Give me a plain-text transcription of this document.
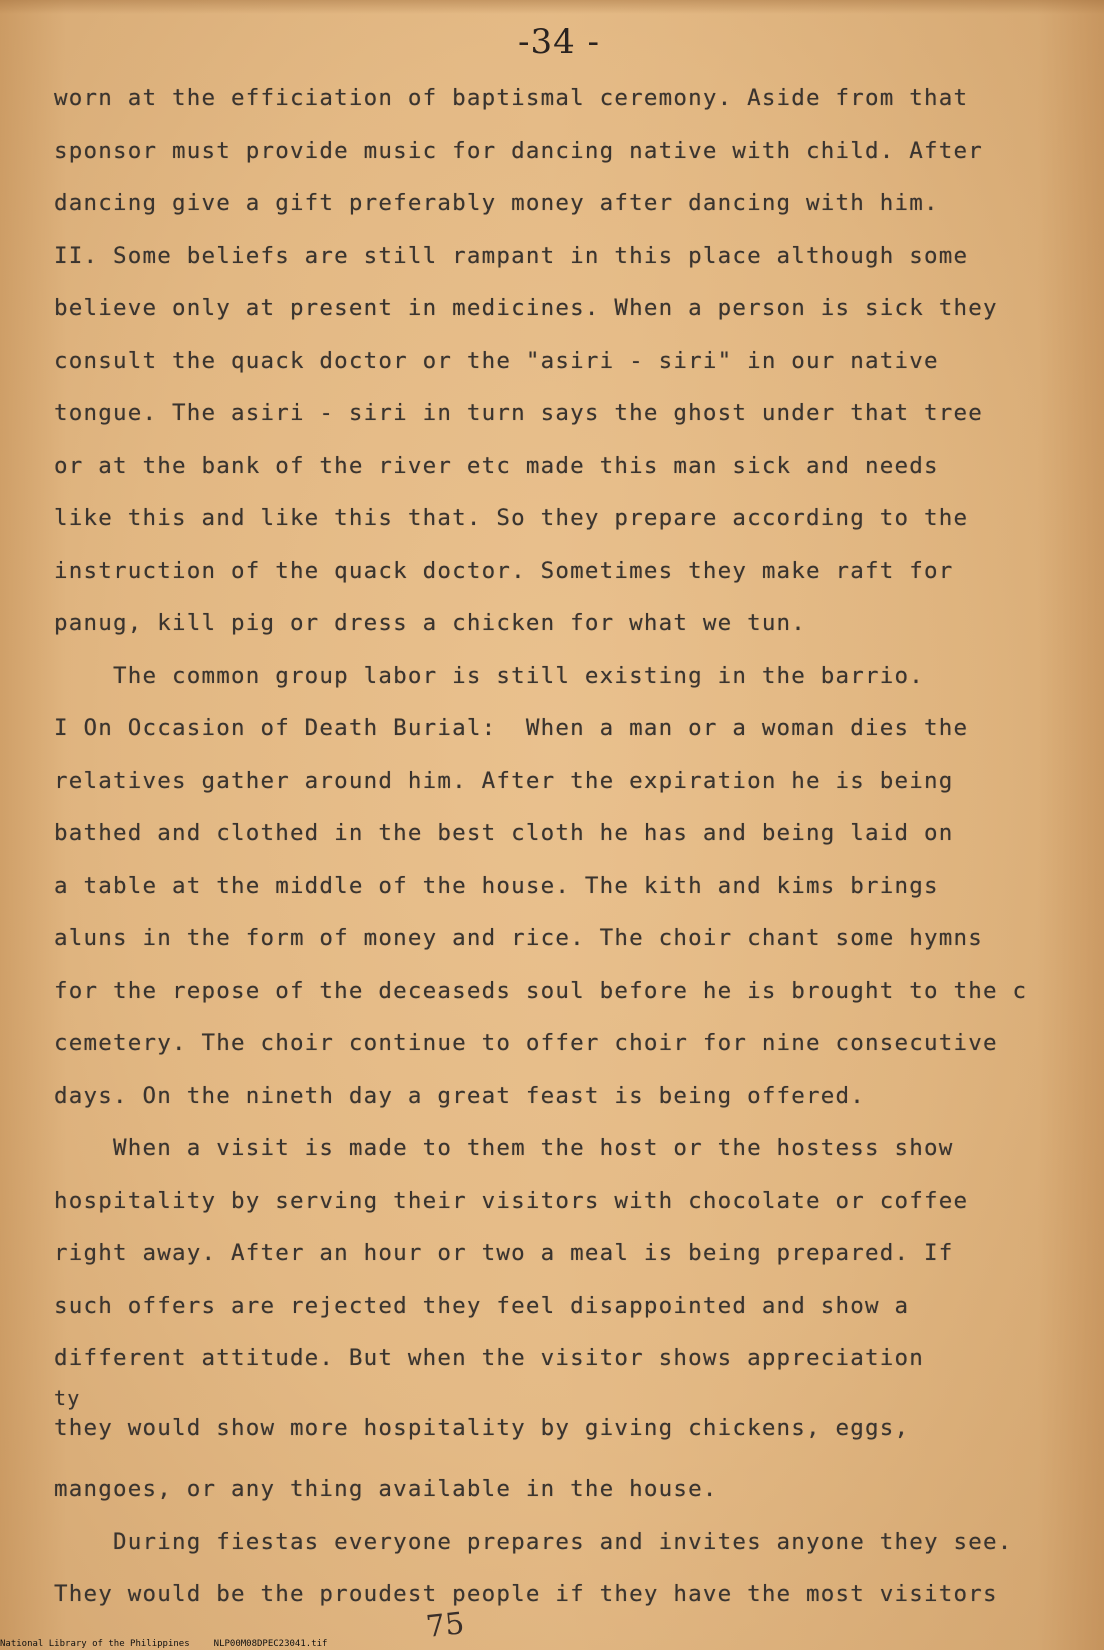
-34 -
worn at the efficiation of baptismal ceremony. Aside from that
sponsor must provide music for dancing native with child. After
dancing give a gift preferably money after dancing with him.
II. Some beliefs are still rampant in this place although some
believe only at present in medicines. When a person is sick they
consult the quack doctor or the "asiri - siri" in our native
tongue. The asiri - siri in turn says the ghost under that tree
or at the bank of the river etc made this man sick and needs
like this and like this that. So they prepare according to the
instruction of the quack doctor. Sometimes they make raft for
panug, kill pig or dress a chicken for what we tun.
The common group labor is still existing in the barrio.
I On Occasion of Death Burial:  When a man or a woman dies the
relatives gather around him. After the expiration he is being
bathed and clothed in the best cloth he has and being laid on
a table at the middle of the house. The kith and kims brings
aluns in the form of money and rice. The choir chant some hymns
for the repose of the deceaseds soul before he is brought to the c
cemetery. The choir continue to offer choir for nine consecutive
days. On the nineth day a great feast is being offered.
When a visit is made to them the host or the hostess show
hospitality by serving their visitors with chocolate or coffee
right away. After an hour or two a meal is being prepared. If
such offers are rejected they feel disappointed and show a
different attitude. But when the visitor shows appreciation
ty
they would show more hospitality by giving chickens, eggs,
mangoes, or any thing available in the house.
During fiestas everyone prepares and invites anyone they see.
They would be the proudest people if they have the most visitors
75
National Library of the Philippines	NLP00M08DPEC23041.tif
